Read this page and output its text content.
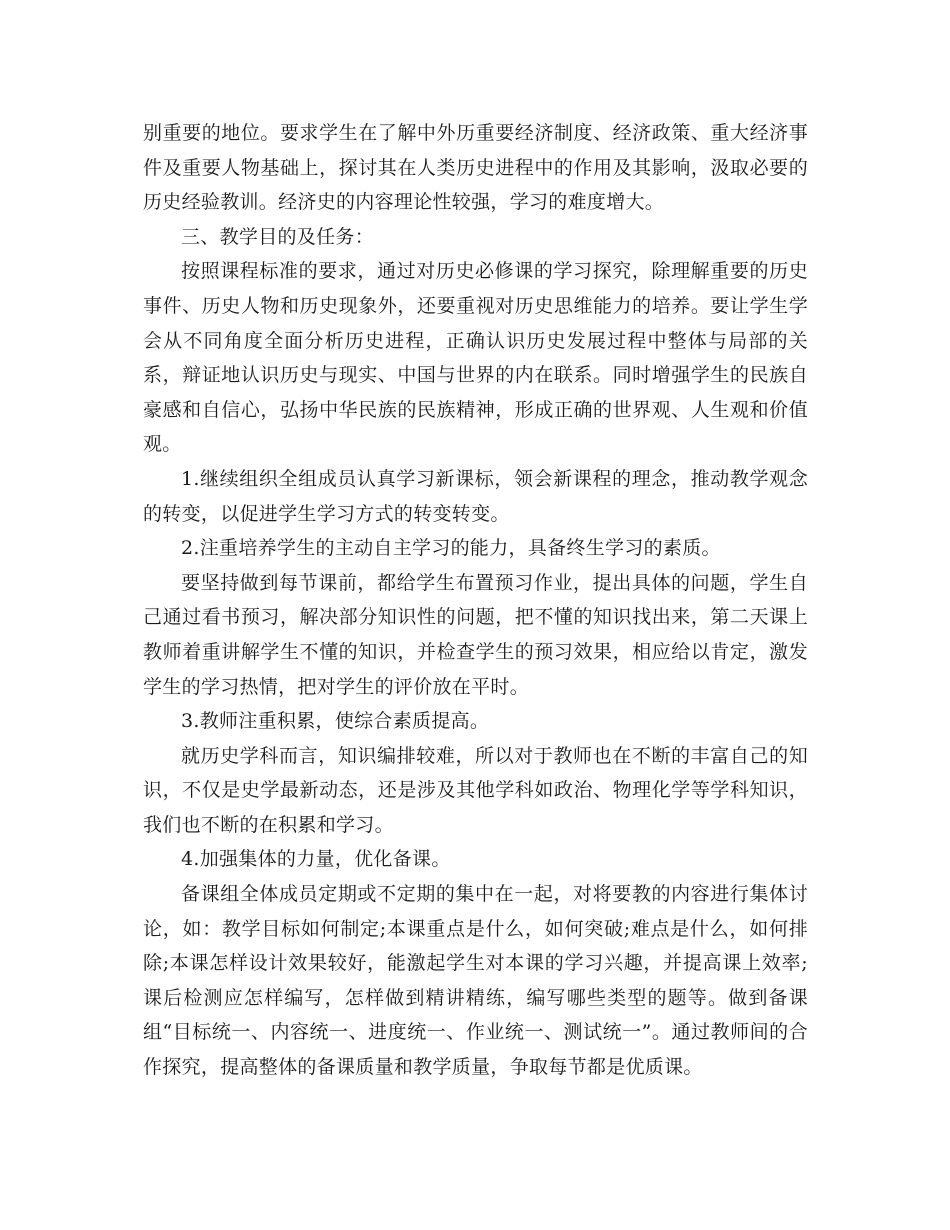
别重要的地位。要求学生在了解中外历重要经济制度、经济政策、重大经济事件及重要人物基础上，探讨其在人类历史进程中的作用及其影响，汲取必要的历史经验教训。经济史的内容理论性较强，学习的难度增大。

三、教学目的及任务：

按照课程标准的要求，通过对历史必修课的学习探究，除理解重要的历史事件、历史人物和历史现象外，还要重视对历史思维能力的培养。要让学生学会从不同角度全面分析历史进程，正确认识历史发展过程中整体与局部的关系，辩证地认识历史与现实、中国与世界的内在联系。同时增强学生的民族自豪感和自信心，弘扬中华民族的民族精神，形成正确的世界观、人生观和价值观。

1.继续组织全组成员认真学习新课标，领会新课程的理念，推动教学观念的转变，以促进学生学习方式的转变转变。

2.注重培养学生的主动自主学习的能力，具备终生学习的素质。

要坚持做到每节课前，都给学生布置预习作业，提出具体的问题，学生自己通过看书预习，解决部分知识性的问题，把不懂的知识找出来，第二天课上教师着重讲解学生不懂的知识，并检查学生的预习效果，相应给以肯定，激发学生的学习热情，把对学生的评价放在平时。

3.教师注重积累，使综合素质提高。

就历史学科而言，知识编排较难，所以对于教师也在不断的丰富自己的知识，不仅是史学最新动态，还是涉及其他学科如政治、物理化学等学科知识，我们也不断的在积累和学习。

4.加强集体的力量，优化备课。

备课组全体成员定期或不定期的集中在一起，对将要教的内容进行集体讨论，如：教学目标如何制定;本课重点是什么，如何突破;难点是什么，如何排除;本课怎样设计效果较好，能激起学生对本课的学习兴趣，并提高课上效率;课后检测应怎样编写，怎样做到精讲精练，编写哪些类型的题等。做到备课组“目标统一、内容统一、进度统一、作业统一、测试统一”。通过教师间的合作探究，提高整体的备课质量和教学质量，争取每节都是优质课。
